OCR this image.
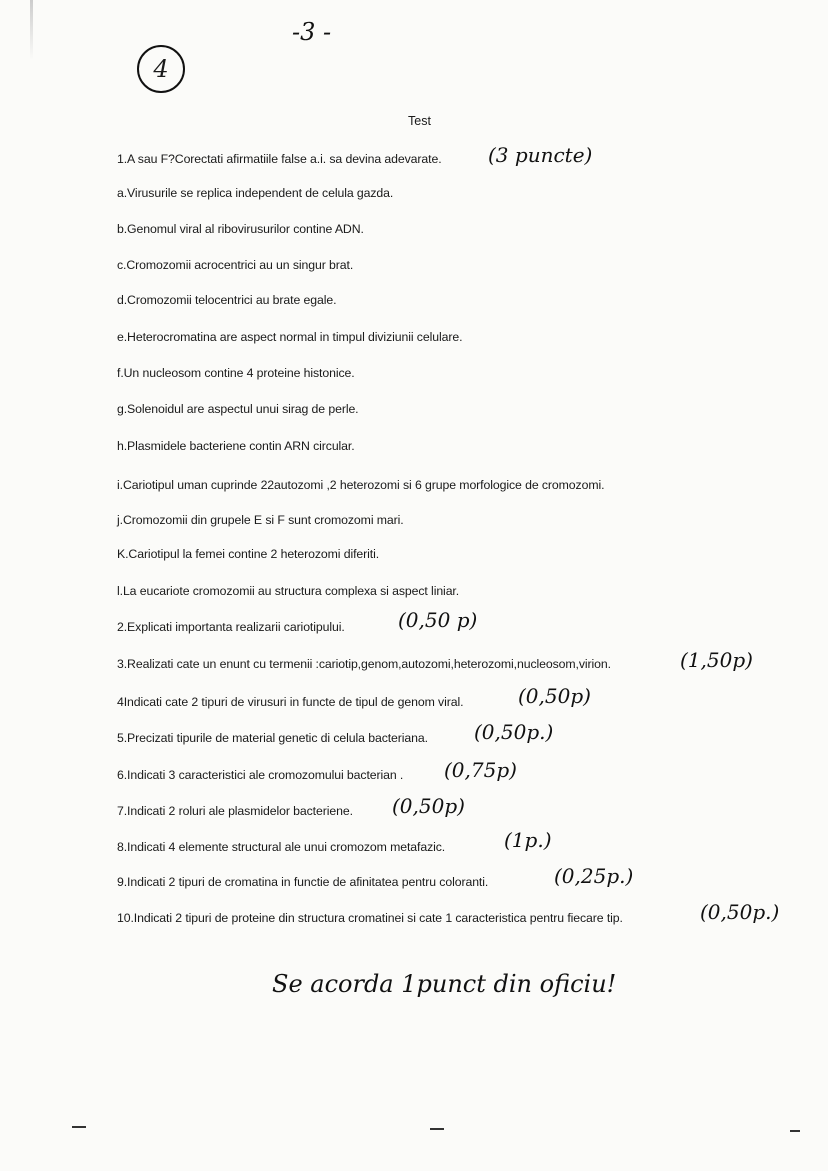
4
-3 -
Test
1.A sau F?Corectati afirmatiile false a.i. sa devina adevarate. (3 puncte)
a.Virusurile se replica independent de celula gazda.
b.Genomul viral al ribovirusurilor contine ADN.
c.Cromozomii acrocentrici au un singur brat.
d.Cromozomii telocentrici au brate egale.
e.Heterocromatina are aspect normal in timpul diviziunii celulare.
f.Un nucleosom contine 4 proteine histonice.
g.Solenoidul are aspectul unui sirag de perle.
h.Plasmidele bacteriene contin ARN circular.
i.Cariotipul uman cuprinde 22autozomi ,2 heterozomi si 6 grupe morfologice de cromozomi.
j.Cromozomii din grupele E si F sunt cromozomi mari.
K.Cariotipul la femei contine 2 heterozomi diferiti.
l.La eucariote cromozomii au structura complexa si aspect liniar.
2.Explicati importanta realizarii cariotipului.	(0,50 p)
3.Realizati cate un enunt cu termenii :cariotip,genom,autozomi,heterozomi,nucleosom,virion.	(1,50p)
4Indicati cate 2 tipuri de virusuri in functe de tipul de genom viral.	(0,50p)
5.Precizati tipurile de material genetic di celula bacteriana. (0,50p.)
6.Indicati 3 caracteristici ale cromozomului bacterian . (0,75p)
7.Indicati 2 roluri ale plasmidelor bacteriene. (0,50p)
8.Indicati 4 elemente structural ale unui cromozom metafazic.	(1p.)
9.Indicati 2 tipuri de cromatina in functie de afinitatea pentru coloranti.	(0,25p.)
10.Indicati 2 tipuri de proteine din structura cromatinei si cate 1 caracteristica pentru fiecare tip.	(0,50p.)
Se acorda 1punct din oficiu!
